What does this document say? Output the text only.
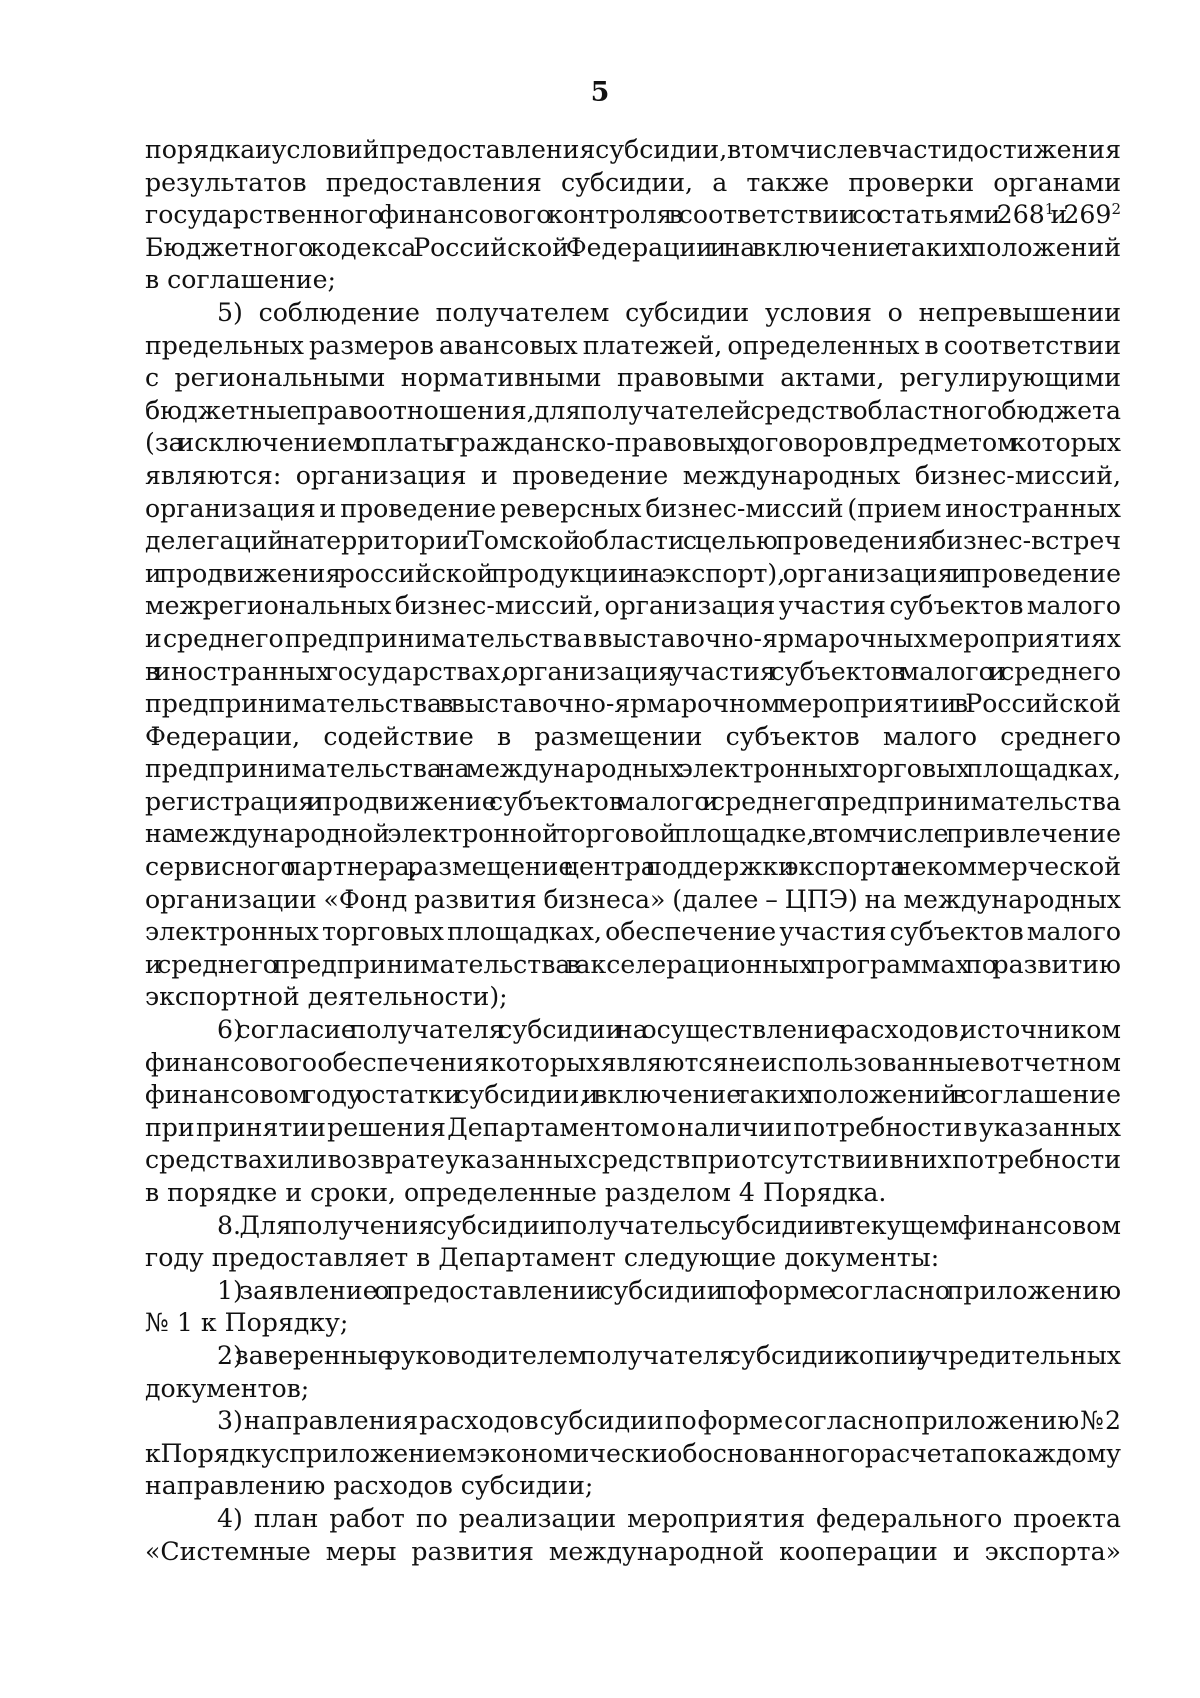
5
порядка и условий предоставления субсидии, в том числе в части достижения
результатов предоставления субсидии, а также проверки органами
государственного финансового контроля в соответствии со статьями $268^1$ и $269^2$
Бюджетного кодекса Российской Федерации и на включение таких положений
в соглашение;
5) соблюдение получателем субсидии условия о непревышении
предельных размеров авансовых платежей, определенных в соответствии
с региональными нормативными правовыми актами, регулирующими
бюджетные правоотношения, для получателей средств областного бюджета
(за исключением оплаты гражданско-правовых договоров, предметом которых
являются: организация и проведение международных бизнес-миссий,
организация и проведение реверсных бизнес-миссий (прием иностранных
делегаций на территории Томской области с целью проведения бизнес-встреч
и продвижения российской продукции на экспорт), организация и проведение
межрегиональных бизнес-миссий, организация участия субъектов малого
и среднего предпринимательства в выставочно-ярмарочных мероприятиях
в иностранных государствах, организация участия субъектов малого и среднего
предпринимательства в выставочно-ярмарочном мероприятии в Российской
Федерации, содействие в размещении субъектов малого среднего
предпринимательства на международных электронных торговых площадках,
регистрация и продвижение субъектов малого и среднего предпринимательства
на международной электронной торговой площадке, в том числе привлечение
сервисного партнера, размещение центра поддержки экспорта некоммерческой
организации «Фонд развития бизнеса» (далее – ЦПЭ) на международных
электронных торговых площадках, обеспечение участия субъектов малого
и среднего предпринимательства в акселерационных программах по развитию
экспортной деятельности);
6) согласие получателя субсидии на осуществление расходов, источником
финансового обеспечения которых являются не использованные в отчетном
финансовом году остатки субсидии, и включение таких положений в соглашение
при принятии решения Департаментом о наличии потребности в указанных
средствах или возврате указанных средств при отсутствии в них потребности
в порядке и сроки, определенные разделом 4 Порядка.
8. Для получения субсидии получатель субсидии в текущем финансовом
году предоставляет в Департамент следующие документы:
1) заявление о предоставлении субсидии по форме согласно приложению
№ 1 к Порядку;
2) заверенные руководителем получателя субсидии копии учредительных
документов;
3) направления расходов субсидии по форме согласно приложению № 2
к Порядку с приложением экономически обоснованного расчета по каждому
направлению расходов субсидии;
4) план работ по реализации мероприятия федерального проекта
«Системные меры развития международной кооперации и экспорта»
